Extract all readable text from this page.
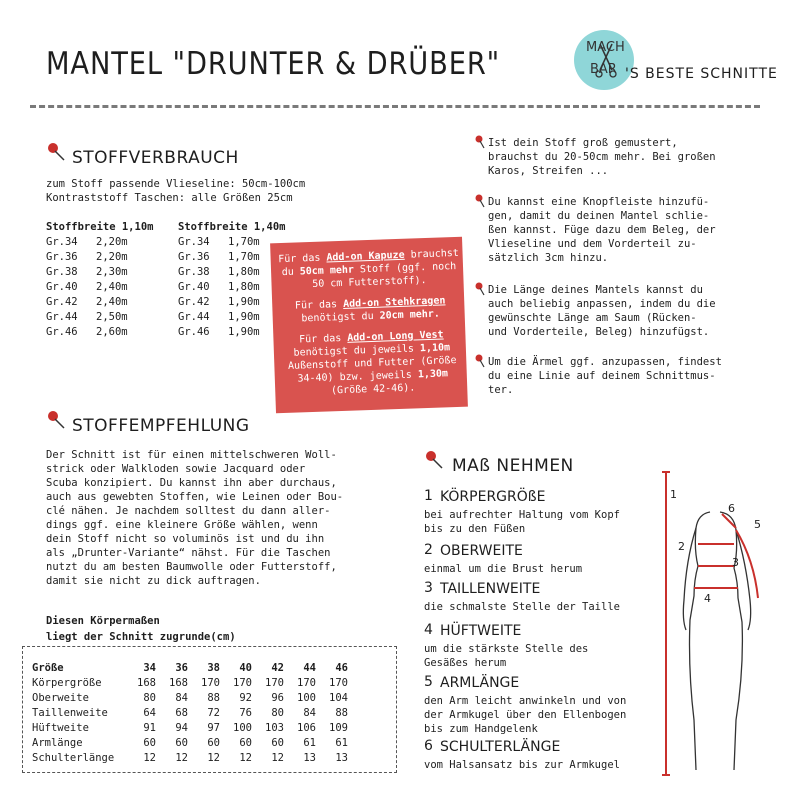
MANTEL "DRUNTER & DRÜBER"	MACH
BAR 'S BESTE SCHNITTE
STOFFVERBRAUCH
zum Stoff passende Vlieseline: 50cm-100cm
Kontraststoff Taschen: alle Größen 25cm
Stoffbreite 1,10m Stoffbreite 1,40m
Gr.34 2,20m	Gr.34 1,70m
Gr.36 2,20m	Gr.36 1,70m
Gr.38 2,30m	Gr.38 1,80m
Gr.40 2,40m	Gr.40 1,80m
Gr.42 2,40m	Gr.42 1,90m
Gr.44 2,50m	Gr.44 1,90m
Gr.46 2,60m	Gr.46 1,90m

Für das Add-on Kapuze brauchst du 50cm mehr Stoff (ggf. noch 50 cm Futterstoff).

Für das Add-on Stehkragen benötigst du 20cm mehr.

Für das Add-on Long Vest benötigst du jeweils 1,10m Außenstoff und Futter (Größe 34-40) bzw. jeweils 1,30m (Größe 42-46).

Ist dein Stoff groß gemustert,
brauchst du 20-50cm mehr. Bei großen
Karos, Streifen ...
Du kannst eine Knopfleiste hinzufü-
gen, damit du deinen Mantel schlie-
ßen kannst. Füge dazu dem Beleg, der
Vlieseline und dem Vorderteil zu-
sätzlich 3cm hinzu.
Die Länge deines Mantels kannst du
auch beliebig anpassen, indem du die
gewünschte Länge am Saum (Rücken-
und Vorderteile, Beleg) hinzufügst.
Um die Ärmel ggf. anzupassen, findest
du eine Linie auf deinem Schnittmus-
ter.
STOFFEMPFEHLUNG
Der Schnitt ist für einen mittelschweren Woll-
strick oder Walkloden sowie Jacquard oder
Scuba konzipiert. Du kannst ihn aber durchaus,
auch aus gewebten Stoffen, wie Leinen oder Bou-
clé nähen. Je nachdem solltest du dann aller-
dings ggf. eine kleinere Größe wählen, wenn
dein Stoff nicht so voluminös ist und du ihn
als „Drunter-Variante“ nähst. Für die Taschen
nutzt du am besten Baumwolle oder Futterstoff,
damit sie nicht zu dick auftragen.
Diesen Körpermaßen
liegt der Schnitt zugrunde(cm)
Größe	34	36	38	40	42	44	46
Körpergröße	168	168	170	170	170	170	170
Oberweite	80	84	88	92	96	100	104
Taillenweite	64	68	72	76	80	84	88
Hüftweite	91	94	97	100	103	106	109
Armlänge	60	60	60	60	60	61	61
Schulterlänge	12	12	12	12	12	13	13
MAß NEHMEN
1 KÖRPERGRÖßE
bei aufrechter Haltung vom Kopf
bis zu den Füßen
2 OBERWEITE
einmal um die Brust herum
3 TAILLENWEITE
die schmalste Stelle der Taille
4 HÜFTWEITE
um die stärkste Stelle des
Gesäßes herum
5 ARMLÄNGE
den Arm leicht anwinkeln und von
der Armkugel über den Ellenbogen
bis zum Handgelenk
6 SCHULTERLÄNGE
vom Halsansatz bis zur Armkugel
1
2
3
4
5
6
